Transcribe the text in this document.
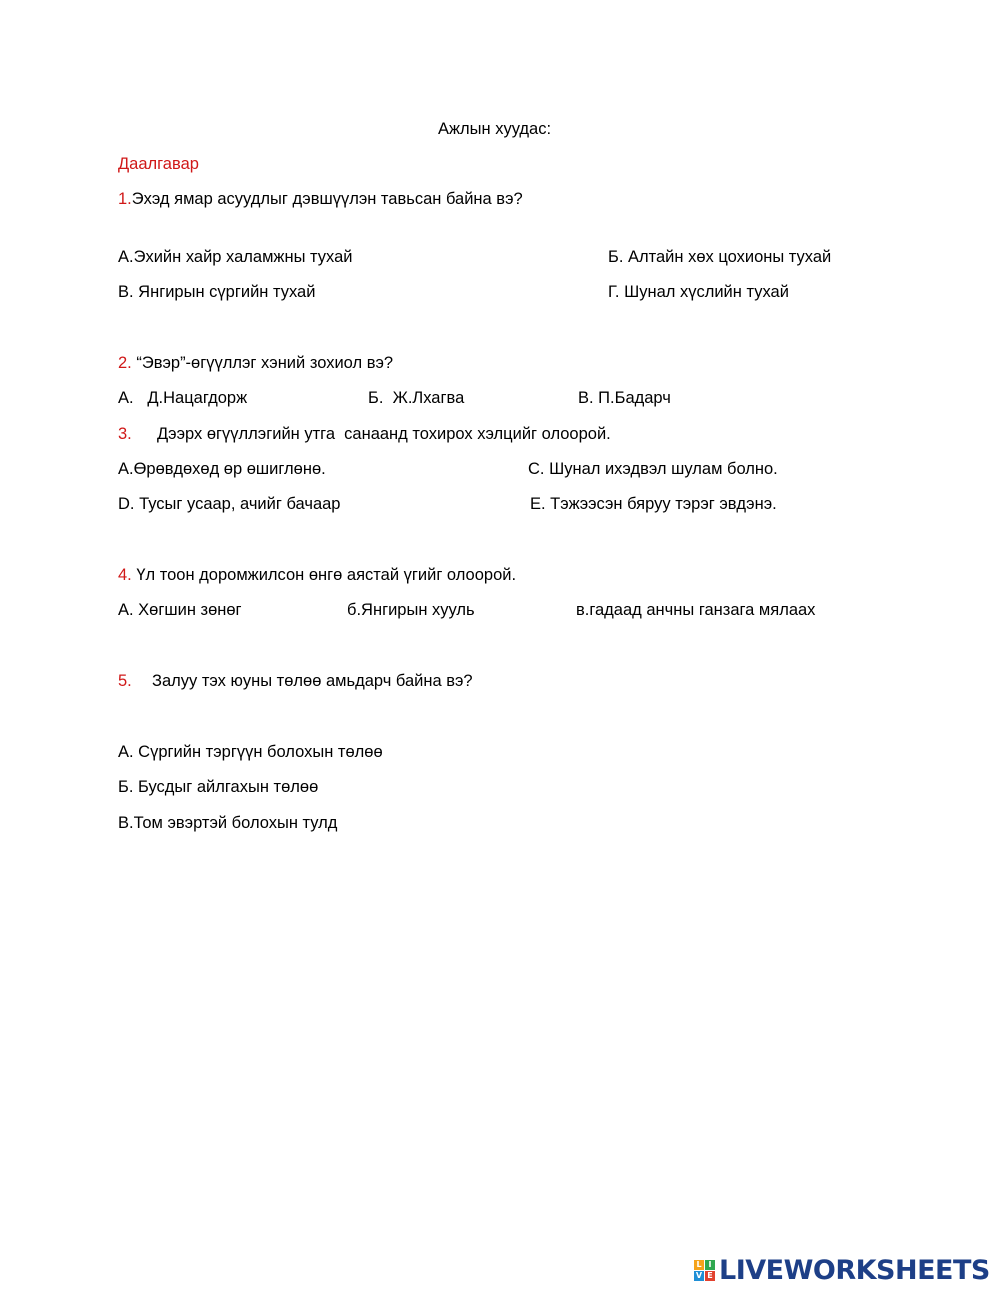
Ажлын хуудас:
Даалгавар
1.Эхэд ямар асуудлыг дэвшүүлэн тавьсан байна вэ?
А.Эхийн хайр халамжны тухай	Б. Алтайн хөх цохионы тухай
В. Янгирын сүргийн тухай	Г. Шунал хүслийн тухай
2. “Эвэр”-өгүүллэг хэний зохиол вэ?
А.   Д.Нацагдорж	Б.  Ж.Лхагва	В. П.Бадарч
3. Дээрх өгүүллэгийн утга  санаанд тохирох хэлцийг олоорой.
А.Өрөвдөхөд өр өшиглөнө.	С. Шунал ихэдвэл шулам болно.
D. Тусыг усаар, ачийг бачаар	Е. Тэжээсэн бяруу тэрэг эвдэнэ.
4. Үл тоон доромжилсон өнгө аястай үгийг олоорой.
А. Хөгшин зөнөг	б.Янгирын хууль	в.гадаад анчны ганзага мялаах
5. Залуу тэх юуны төлөө амьдарч байна вэ?
А. Сүргийн тэргүүн болохын төлөө
Б. Бусдыг айлгахын төлөө
В.Том эвэртэй болохын тулд
L I
V E LIVEWORKSHEETS
